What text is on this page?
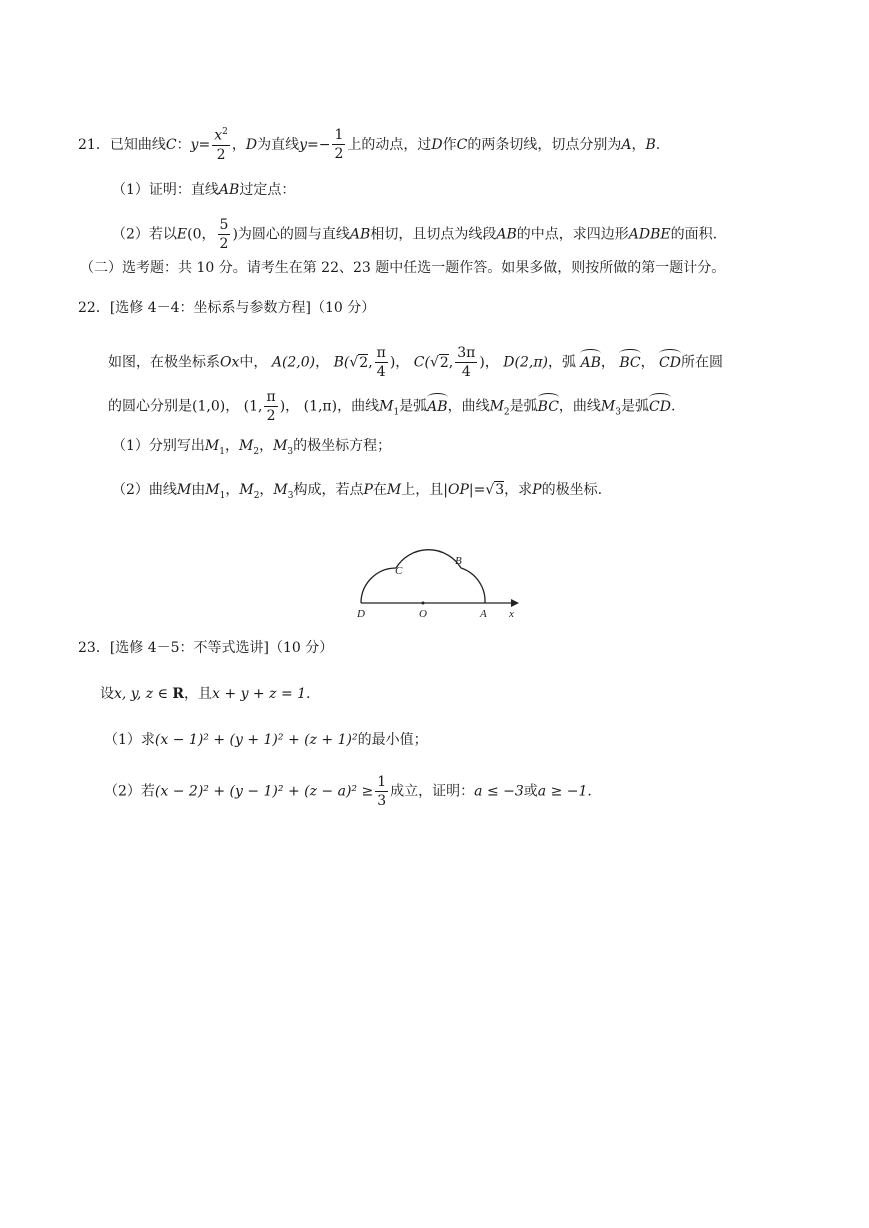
21．已知曲线C：$y= \frac{x^2}{2}$ ，D为直线$y=- \frac{1}{2}$ 上的动点，过D作C的两条切线，切点分别为A，B.
（1）证明：直线AB过定点：
（2）若以E(0， $\frac{5}{2}$ )为圆心的圆与直线AB相切，且切点为线段AB的中点，求四边形ADBE的面积.
（二）选考题：共 10 分。请考生在第 22、23 题中任选一题作答。如果多做，则按所做的第一题计分。
22．[选修 4－4：坐标系与参数方程]（10 分）
如图，在极坐标系Ox中， A(2,0)， B(√2, $\frac{\pi}{4}$ )， C(√2, $\frac{3\pi}{4}$ )， D(2,π)，弧 AB， BC， CD所在圆
的圆心分别是(1,0)， (1, $\frac{\pi}{2}$ )， (1,π)，曲线$M_1$是弧AB，曲线$M_2$是弧BC，曲线$M_3$是弧CD.
（1）分别写出$M_1$，$M_2$，$M_3$的极坐标方程；
（2）曲线M由$M_1$，$M_2$，$M_3$构成，若点P在M上，且|OP|=√3，求P的极坐标.
C
B
D	O	A x
23．[选修 4－5：不等式选讲]（10 分）
设x, y, z ∈ R，且x + y + z = 1.
（1）求(x − 1)² + (y + 1)² + (z + 1)²的最小值；
（2）若$(x - 2)^2 + (y - 1)^2 + (z - a)^2 \ge \frac{1}{3}$ 成立，证明：a ≤ −3或a ≥ −1.
